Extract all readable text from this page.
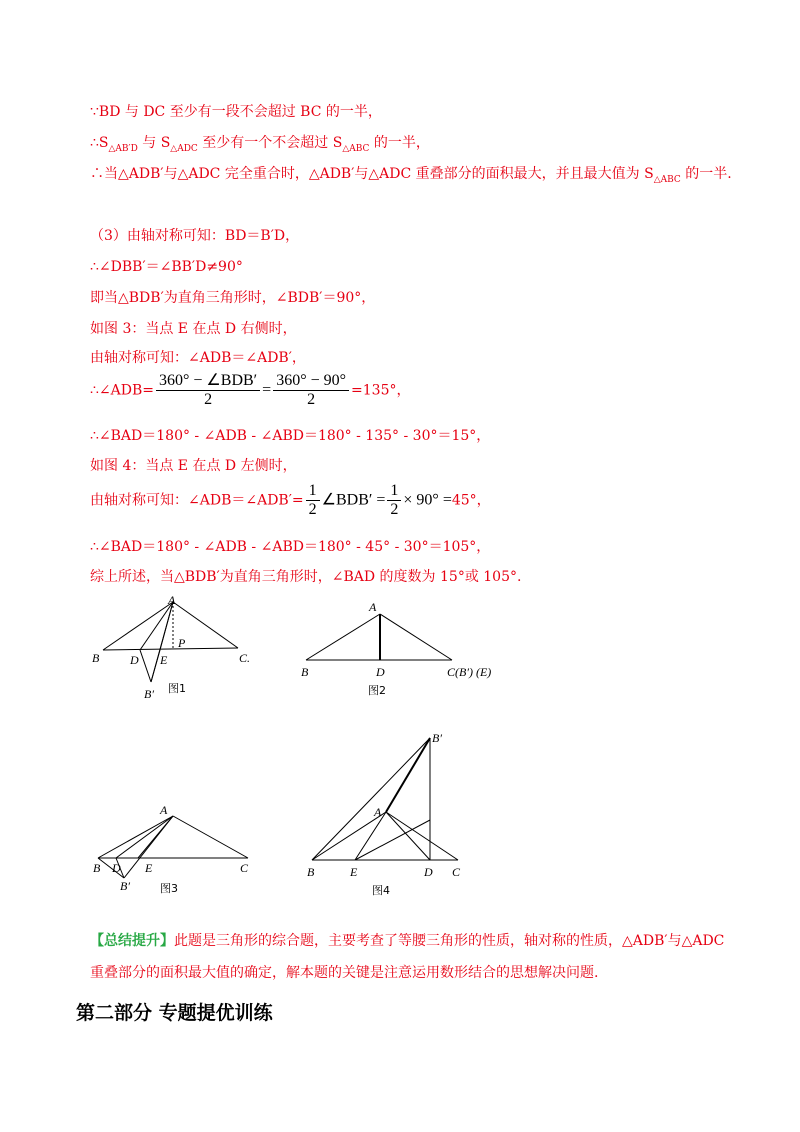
∵BD 与 DC 至少有一段不会超过 BC 的一半，
$\therefore S_{\triangle AB'D}$ 与 $S_{\triangle ADC}$ 至少有一个不会超过 $S_{\triangle ABC}$ 的一半，
∴当△ADB′与△ADC 完全重合时，△ADB′与△ADC 重叠部分的面积最大，并且最大值为 $S_{\triangle ABC}$ 的一半.
（3）由轴对称可知：BD＝B′D，
∴∠DBB′＝∠BB′D≠90°
即当△BDB′为直角三角形时，∠BDB′＝90°，
如图 3：当点 E 在点 D 右侧时，
由轴对称可知：∠ADB＝∠ADB′，
∴∠ADB= $\frac{\text{360° − ∠BDB′}}{2} = \frac{360^\circ - 90^\circ}{2} =135^\circ$，
∴∠BAD＝180° - ∠ADB - ∠ABD＝180° - 135° - 30°＝15°，
如图 4：当点 E 在点 D 左侧时，
由轴对称可知：∠ADB＝∠ADB′= $\frac{1}{2}$ ∠BDB′ = $\frac{1}{2} \times 90^\circ =45^\circ$，
∴∠BAD＝180° - ∠ADB - ∠ABD＝180° - 45° - 30°＝105°，
综上所述，当△BDB′为直角三角形时，∠BAD 的度数为 15°或 105°.
A
B	C.
D E
P
B′ 图1
A
B	D	C(B′) (E)
图2
A
B D E	C
B′	图3
B′
A
B	E	D C
图4
【总结提升】此题是三角形的综合题，主要考查了等腰三角形的性质，轴对称的性质，△ADB′与△ADC 重叠部分的面积最大值的确定，解本题的关键是注意运用数形结合的思想解决问题.
第二部分 专题提优训练
